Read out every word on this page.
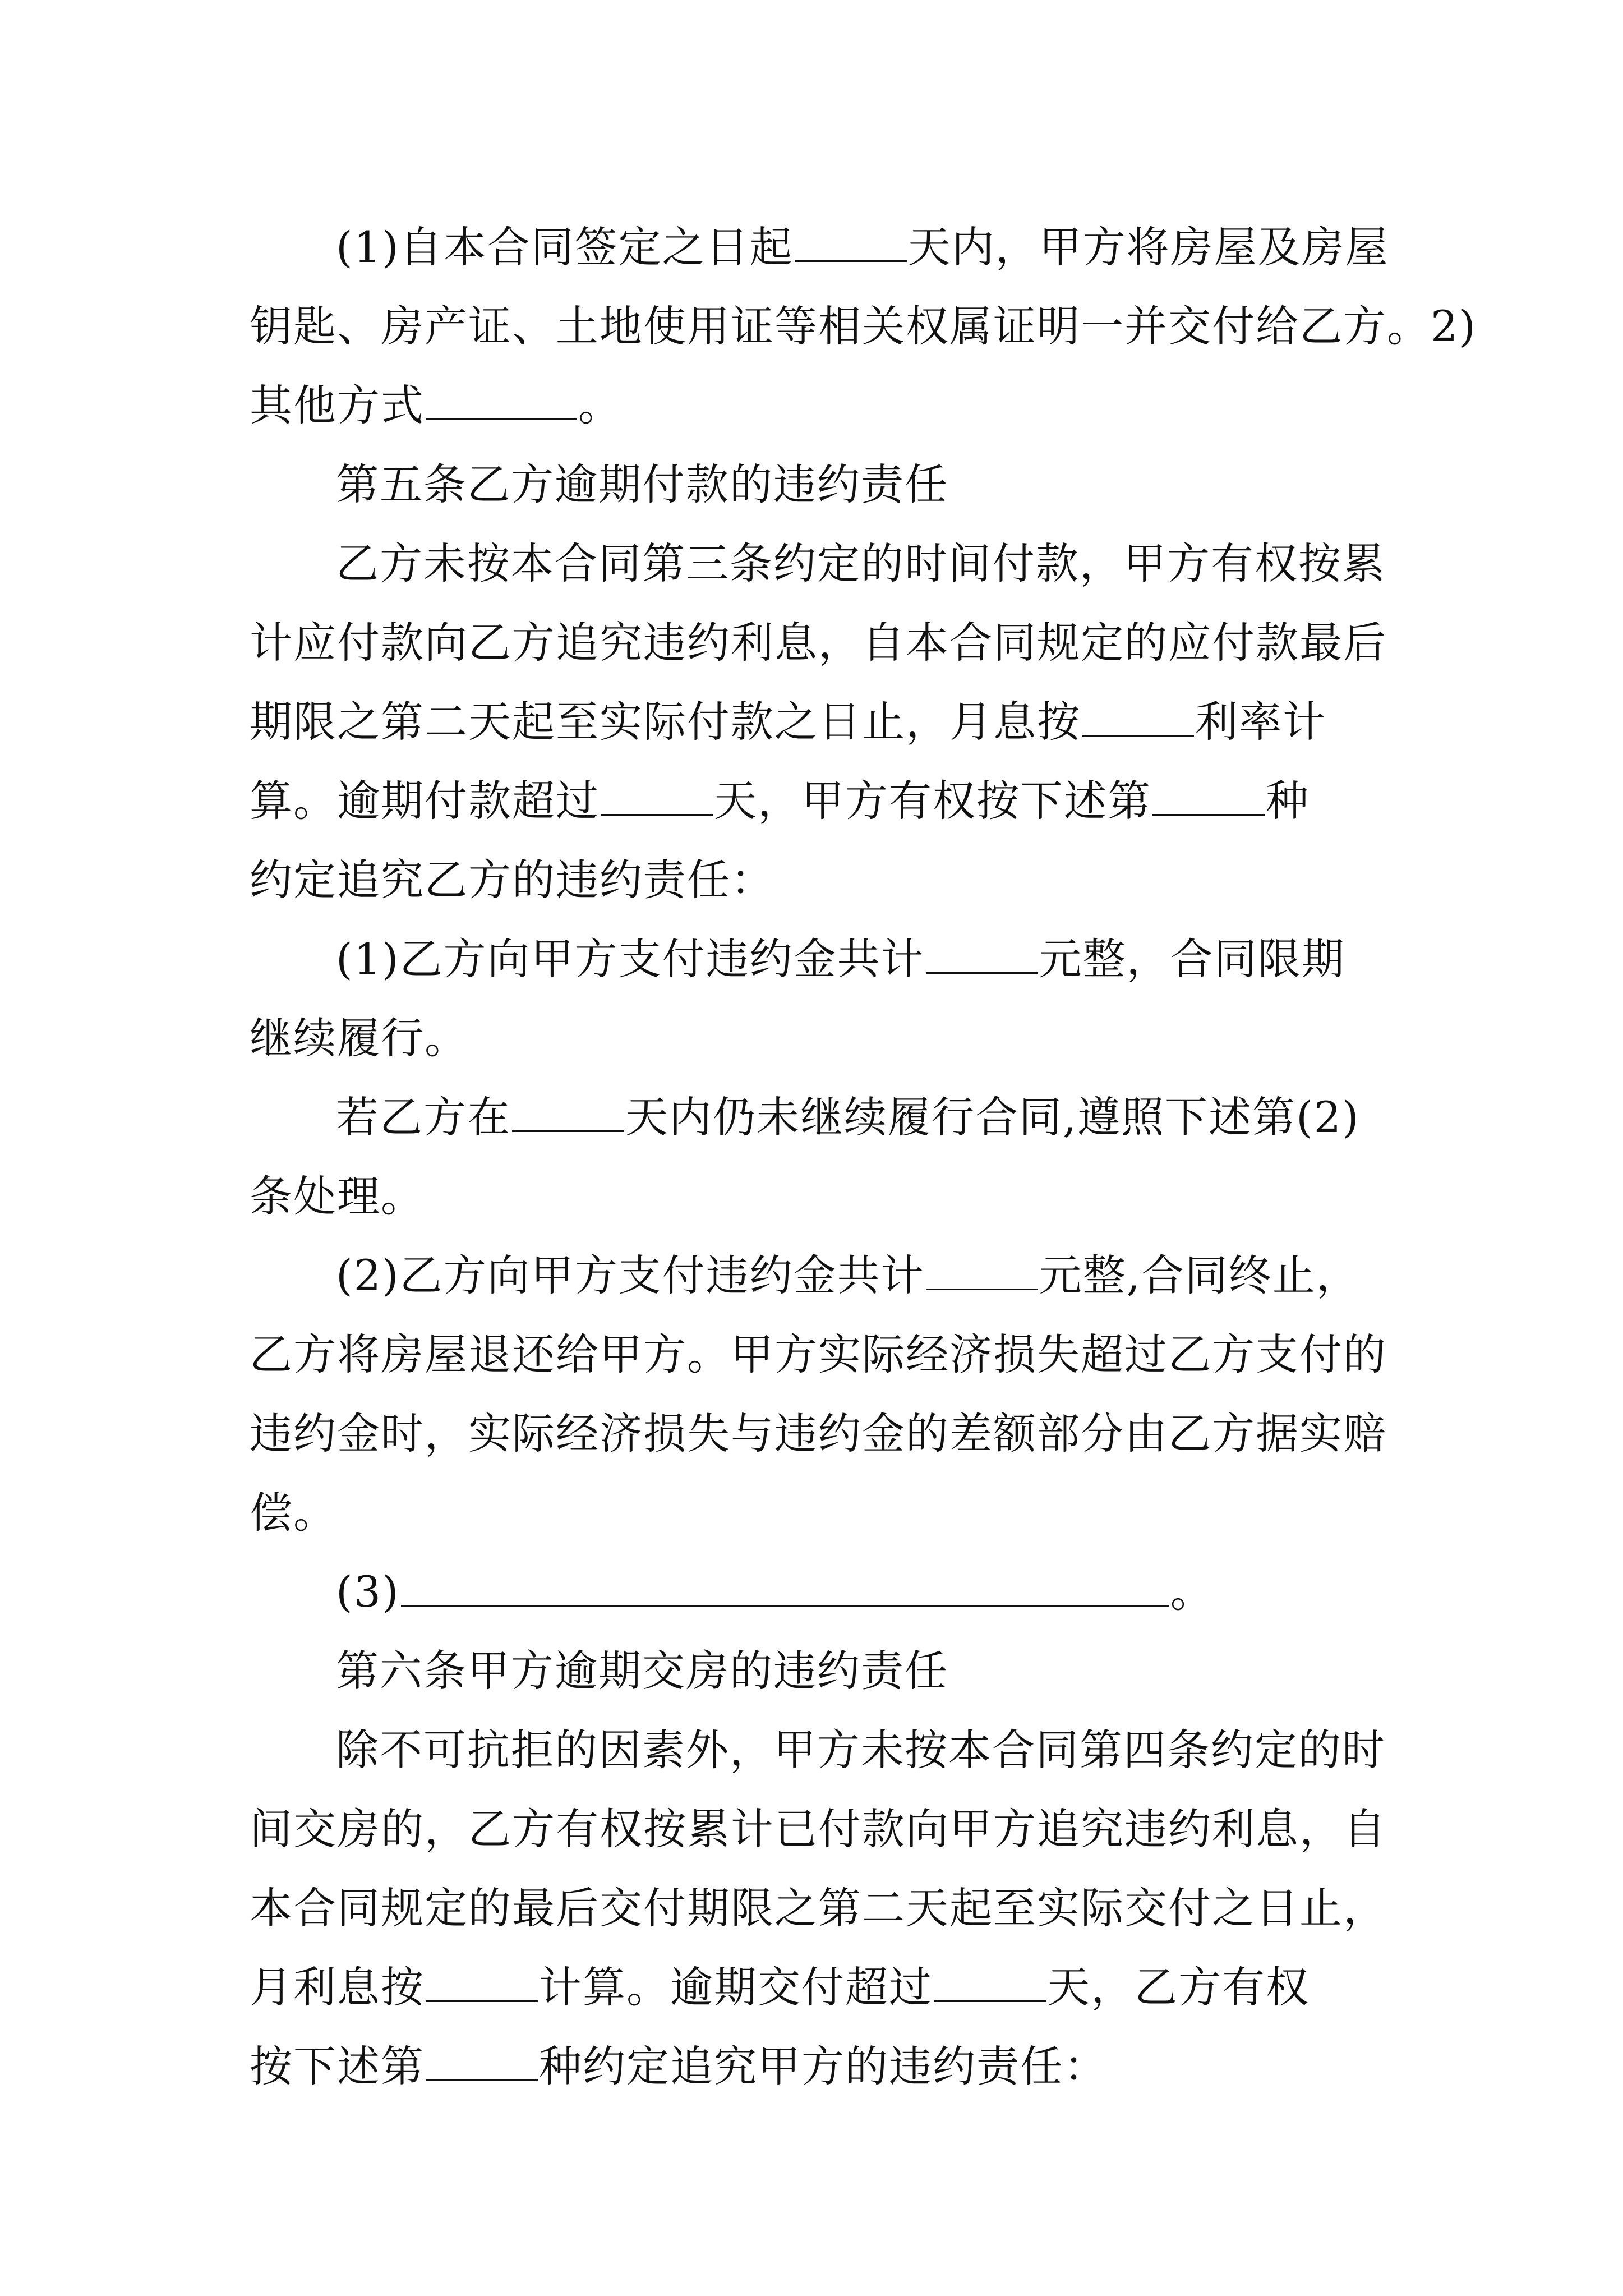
(1)自本合同签定之日起	天内，甲方将房屋及房屋
钥匙、房产证、土地使用证等相关权属证明一并交付给乙方。2)
其他方式	。
第五条乙方逾期付款的违约责任
乙方未按本合同第三条约定的时间付款，甲方有权按累
计应付款向乙方追究违约利息，自本合同规定的应付款最后
期限之第二天起至实际付款之日止，月息按	利率计
算。逾期付款超过	天，甲方有权按下述第	种
约定追究乙方的违约责任：
(1)乙方向甲方支付违约金共计	元整，合同限期
继续履行。
若乙方在	天内仍未继续履行合同,遵照下述第(2)
条处理。
(2)乙方向甲方支付违约金共计	元整,合同终止，
乙方将房屋退还给甲方。甲方实际经济损失超过乙方支付的
违约金时，实际经济损失与违约金的差额部分由乙方据实赔
偿。
(3)	。
第六条甲方逾期交房的违约责任
除不可抗拒的因素外，甲方未按本合同第四条约定的时
间交房的，乙方有权按累计已付款向甲方追究违约利息，自
本合同规定的最后交付期限之第二天起至实际交付之日止，
月利息按	计算。逾期交付超过	天，乙方有权
按下述第	种约定追究甲方的违约责任：
